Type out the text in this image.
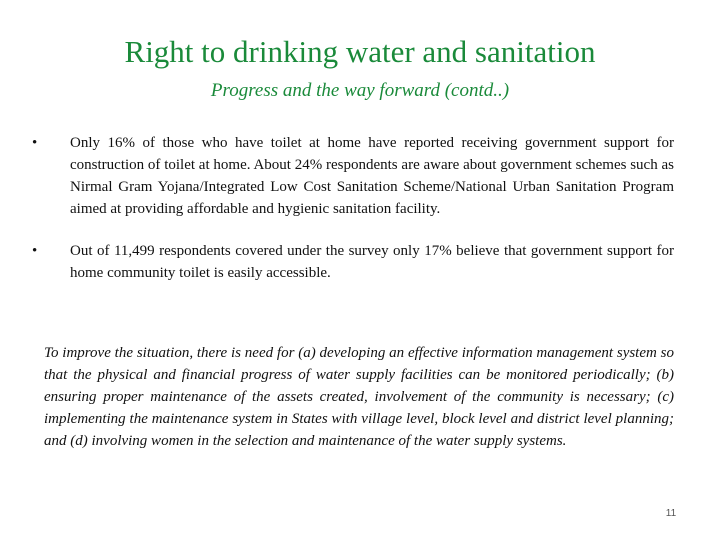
Right to drinking water and sanitation
Progress and the way forward (contd..)
•	Only 16% of those who have toilet at home have reported receiving government support for construction of toilet at home. About 24% respondents are aware about government schemes such as Nirmal Gram Yojana/Integrated Low Cost Sanitation Scheme/National Urban Sanitation Program aimed at providing affordable and hygienic sanitation facility.
•	Out of 11,499 respondents covered under the survey only 17% believe that government support for home community toilet is easily accessible.
To improve the situation, there is need for (a) developing an effective information management system so that the physical and financial progress of water supply facilities can be monitored periodically; (b) ensuring proper maintenance of the assets created, involvement of the community is necessary; (c) implementing the maintenance system in States with village level, block level and district level planning; and (d) involving women in the selection and maintenance of the water supply systems.
11
